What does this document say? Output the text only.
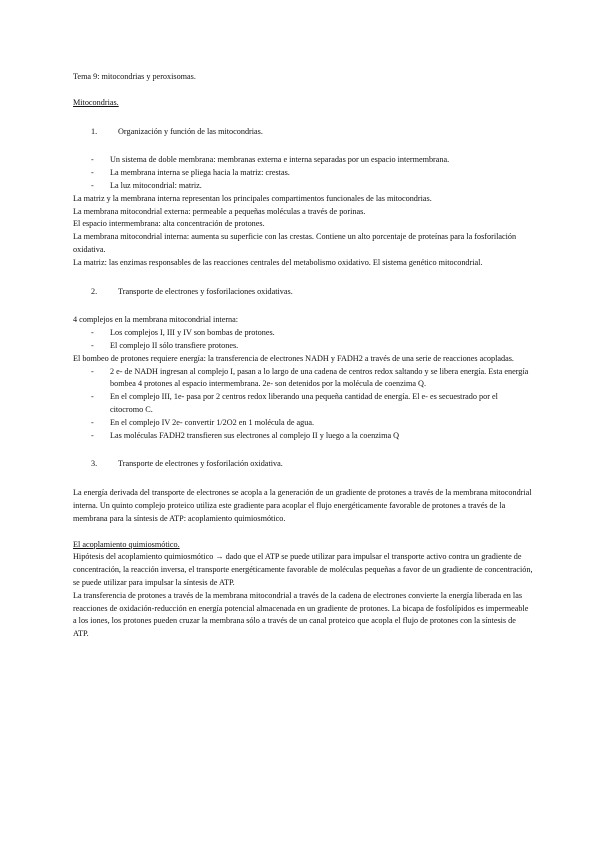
Tema 9: mitocondrias y peroxisomas.

Mitocondrias.

1.	Organización y función de las mitocondrias.

- Un sistema de doble membrana: membranas externa e interna separadas por un espacio intermembrana.

- La membrana interna se pliega hacia la matriz: crestas.

- La luz mitocondrial: matriz.

La matriz y la membrana interna representan los principales compartimentos funcionales de las mitocondrias.

La membrana mitocondrial externa: permeable a pequeñas moléculas a través de porinas.

El espacio intermembrana: alta concentración de protones.

La membrana mitocondrial interna: aumenta su superficie con las crestas. Contiene un alto porcentaje de proteínas para la fosforilación oxidativa.

La matriz: las enzimas responsables de las reacciones centrales del metabolismo oxidativo. El sistema genético mitocondrial.

2.	Transporte de electrones y fosforilaciones oxidativas.

4 complejos en la membrana mitocondrial interna:

- Los complejos I, III y IV son bombas de protones.

- El complejo II sólo transfiere protones.

El bombeo de protones requiere energía: la transferencia de electrones NADH y FADH2 a través de una serie de reacciones acopladas.

- 2 e- de NADH ingresan al complejo I, pasan a lo largo de una cadena de centros redox saltando y se libera energía. Esta energía bombea 4 protones al espacio intermembrana. 2e- son detenidos por la molécula de coenzima Q.

- En el complejo III, 1e- pasa por 2 centros redox liberando una pequeña cantidad de energía. El e- es secuestrado por el citocromo C.

- En el complejo IV 2e- convertir 1/2O2 en 1 molécula de agua.

- Las moléculas FADH2 transfieren sus electrones al complejo II y luego a la coenzima Q

3.	Transporte de electrones y fosforilación oxidativa.

La energía derivada del transporte de electrones se acopla a la generación de un gradiente de protones a través de la membrana mitocondrial interna. Un quinto complejo proteico utiliza este gradiente para acoplar el flujo energéticamente favorable de protones a través de la membrana para la síntesis de ATP: acoplamiento quimiosmótico.

El acoplamiento quimiosmótico.

Hipótesis del acoplamiento quimiosmótico → dado que el ATP se puede utilizar para impulsar el transporte activo contra un gradiente de concentración, la reacción inversa, el transporte energéticamente favorable de moléculas pequeñas a favor de un gradiente de concentración, se puede utilizar para impulsar la síntesis de ATP.

La transferencia de protones a través de la membrana mitocondrial a través de la cadena de electrones convierte la energía liberada en las reacciones de oxidación-reducción en energía potencial almacenada en un gradiente de protones. La bicapa de fosfolípidos es impermeable a los iones, los protones pueden cruzar la membrana sólo a través de un canal proteico que acopla el flujo de protones con la síntesis de ATP.
